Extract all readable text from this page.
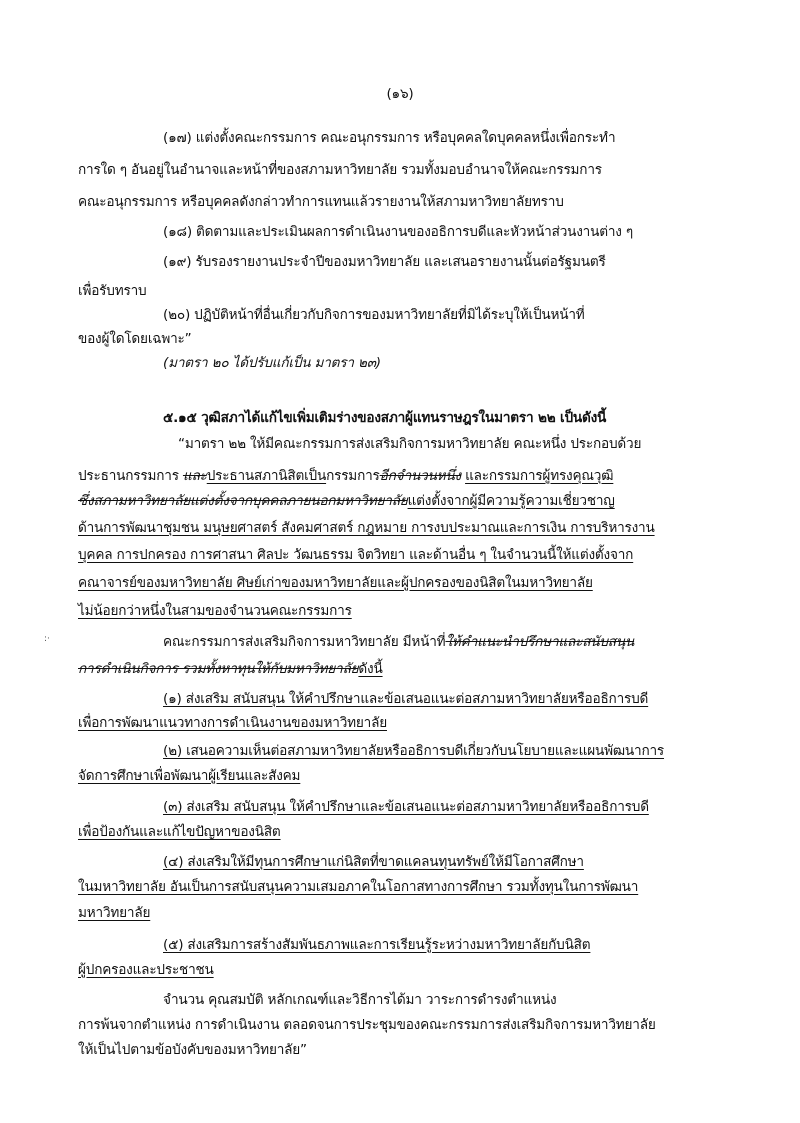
(๑๖)
:·
(๑๗) แต่งตั้งคณะกรรมการ คณะอนุกรรมการ หรือบุคคลใดบุคคลหนึ่งเพื่อกระทำ
การใด ๆ อันอยู่ในอำนาจและหน้าที่ของสภามหาวิทยาลัย รวมทั้งมอบอำนาจให้คณะกรรมการ
คณะอนุกรรมการ หรือบุคคลดังกล่าวทำการแทนแล้วรายงานให้สภามหาวิทยาลัยทราบ
(๑๘) ติดตามและประเมินผลการดำเนินงานของอธิการบดีและหัวหน้าส่วนงานต่าง ๆ
(๑๙) รับรองรายงานประจำปีของมหาวิทยาลัย และเสนอรายงานนั้นต่อรัฐมนตรี
เพื่อรับทราบ
(๒๐) ปฏิบัติหน้าที่อื่นเกี่ยวกับกิจการของมหาวิทยาลัยที่มิได้ระบุให้เป็นหน้าที่
ของผู้ใดโดยเฉพาะ”
(มาตรา ๒๐ ได้ปรับแก้เป็น มาตรา ๒๓)
๕.๑๕ วุฒิสภาได้แก้ไขเพิ่มเติมร่างของสภาผู้แทนราษฎรในมาตรา ๒๒ เป็นดังนี้
“มาตรา ๒๒ ให้มีคณะกรรมการส่งเสริมกิจการมหาวิทยาลัย คณะหนึ่ง ประกอบด้วย
ประธานกรรมการ และประธานสภานิสิตเป็นกรรมการอีกจำนวนหนึ่ง และกรรมการผู้ทรงคุณวุฒิ
ซึ่งสภามหาวิทยาลัยแต่งตั้งจากบุคคลภายนอกมหาวิทยาลัยแต่งตั้งจากผู้มีความรู้ความเชี่ยวชาญ
ด้านการพัฒนาชุมชน มนุษยศาสตร์ สังคมศาสตร์ กฎหมาย การงบประมาณและการเงิน การบริหารงาน
บุคคล การปกครอง การศาสนา ศิลปะ วัฒนธรรม จิตวิทยา และด้านอื่น ๆ ในจำนวนนี้ให้แต่งตั้งจาก
คณาจารย์ของมหาวิทยาลัย ศิษย์เก่าของมหาวิทยาลัยและผู้ปกครองของนิสิตในมหาวิทยาลัย
ไม่น้อยกว่าหนึ่งในสามของจำนวนคณะกรรมการ
คณะกรรมการส่งเสริมกิจการมหาวิทยาลัย มีหน้าที่ให้คำแนะนำปรึกษาและสนับสนุน
การดำเนินกิจการ รวมทั้งหาทุนให้กับมหาวิทยาลัยดังนี้
(๑) ส่งเสริม สนับสนุน ให้คำปรึกษาและข้อเสนอแนะต่อสภามหาวิทยาลัยหรืออธิการบดี
เพื่อการพัฒนาแนวทางการดำเนินงานของมหาวิทยาลัย
(๒) เสนอความเห็นต่อสภามหาวิทยาลัยหรืออธิการบดีเกี่ยวกับนโยบายและแผนพัฒนาการ
จัดการศึกษาเพื่อพัฒนาผู้เรียนและสังคม
(๓) ส่งเสริม สนับสนุน ให้คำปรึกษาและข้อเสนอแนะต่อสภามหาวิทยาลัยหรืออธิการบดี
เพื่อป้องกันและแก้ไขปัญหาของนิสิต
(๔) ส่งเสริมให้มีทุนการศึกษาแก่นิสิตที่ขาดแคลนทุนทรัพย์ให้มีโอกาสศึกษา
ในมหาวิทยาลัย อันเป็นการสนับสนุนความเสมอภาคในโอกาสทางการศึกษา รวมทั้งทุนในการพัฒนา
มหาวิทยาลัย
(๕) ส่งเสริมการสร้างสัมพันธภาพและการเรียนรู้ระหว่างมหาวิทยาลัยกับนิสิต
ผู้ปกครองและประชาชน
จำนวน คุณสมบัติ หลักเกณฑ์และวิธีการได้มา วาระการดำรงตำแหน่ง
การพ้นจากตำแหน่ง การดำเนินงาน ตลอดจนการประชุมของคณะกรรมการส่งเสริมกิจการมหาวิทยาลัย
ให้เป็นไปตามข้อบังคับของมหาวิทยาลัย”
